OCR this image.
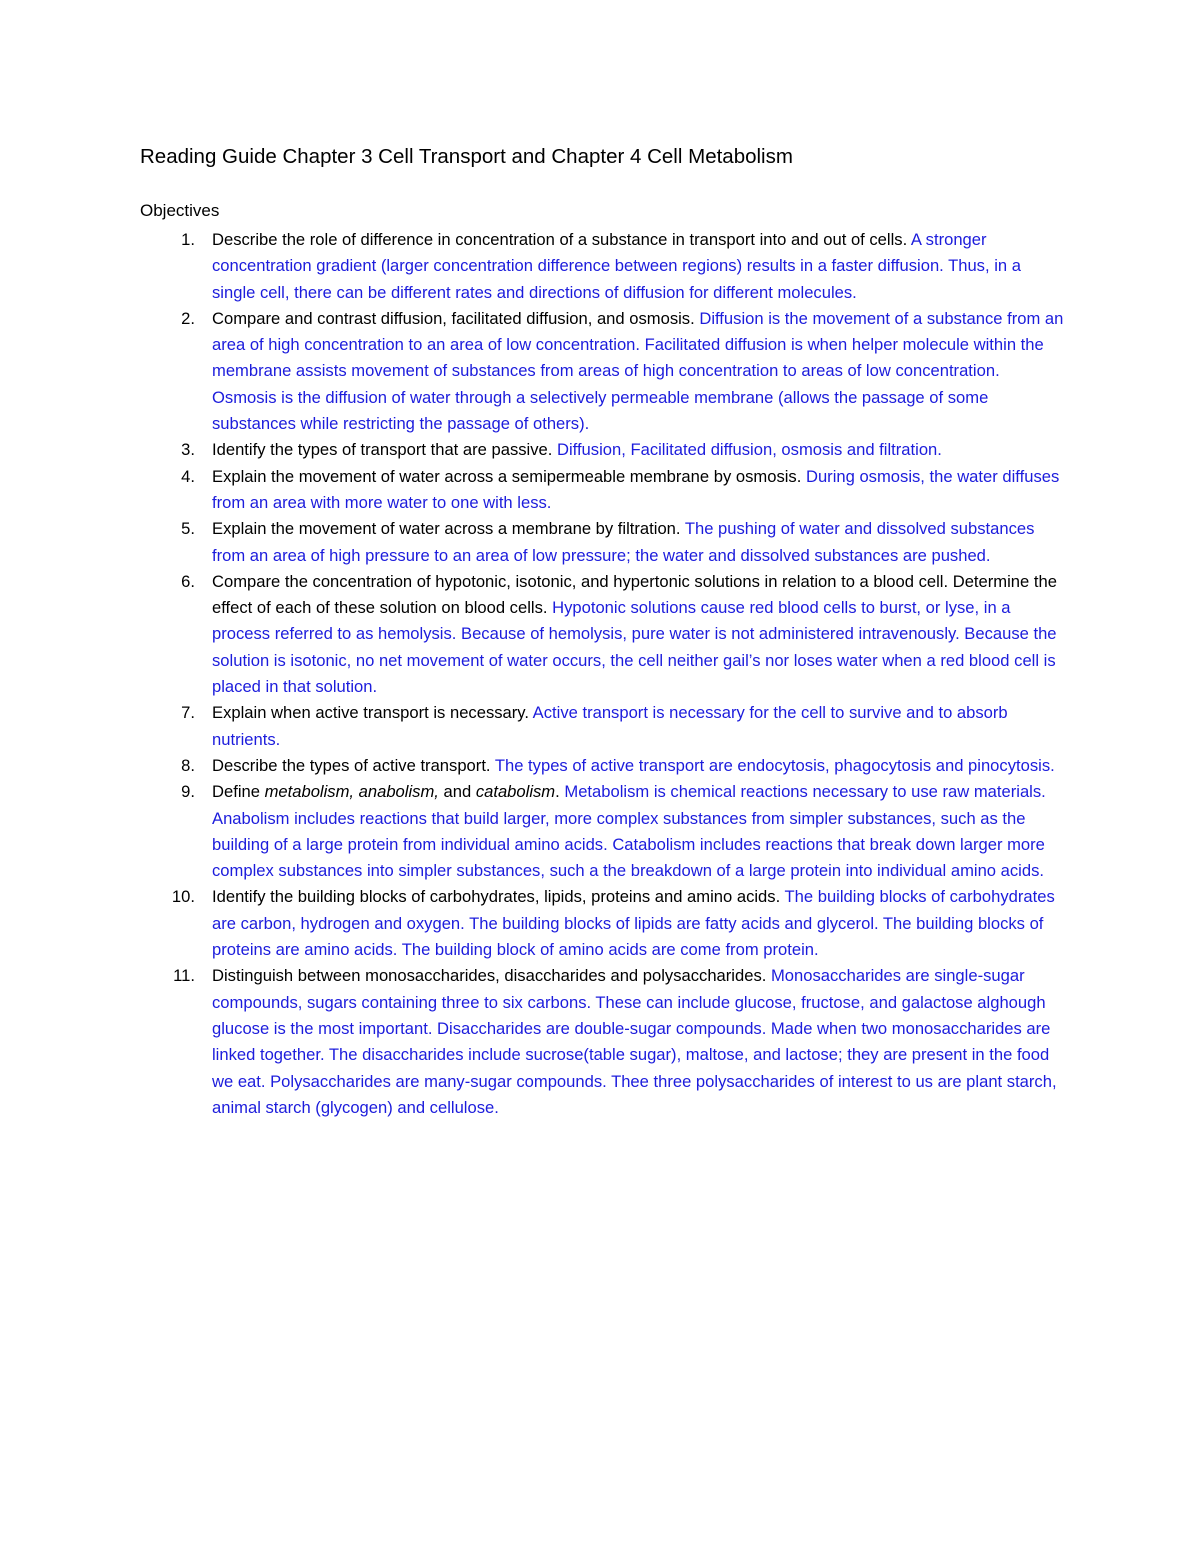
Reading Guide Chapter 3 Cell Transport and Chapter 4 Cell Metabolism
Objectives
1. Describe the role of difference in concentration of a substance in transport into and out of cells. A stronger concentration gradient (larger concentration difference between regions) results in a faster diffusion. Thus, in a single cell, there can be different rates and directions of diffusion for different molecules.
2. Compare and contrast diffusion, facilitated diffusion, and osmosis. Diffusion is the movement of a substance from an area of high concentration to an area of low concentration. Facilitated diffusion is when helper molecule within the membrane assists movement of substances from areas of high concentration to areas of low concentration. Osmosis is the diffusion of water through a selectively permeable membrane (allows the passage of some substances while restricting the passage of others).
3. Identify the types of transport that are passive. Diffusion, Facilitated diffusion, osmosis and filtration.
4. Explain the movement of water across a semipermeable membrane by osmosis. During osmosis, the water diffuses from an area with more water to one with less.
5. Explain the movement of water across a membrane by filtration. The pushing of water and dissolved substances from an area of high pressure to an area of low pressure; the water and dissolved substances are pushed.
6. Compare the concentration of hypotonic, isotonic, and hypertonic solutions in relation to a blood cell. Determine the effect of each of these solution on blood cells. Hypotonic solutions cause red blood cells to burst, or lyse, in a process referred to as hemolysis. Because of hemolysis, pure water is not administered intravenously. Because the solution is isotonic, no net movement of water occurs, the cell neither gail’s nor loses water when a red blood cell is placed in that solution.
7. Explain when active transport is necessary. Active transport is necessary for the cell to survive and to absorb nutrients.
8. Describe the types of active transport. The types of active transport are endocytosis, phagocytosis and pinocytosis.
9. Define metabolism, anabolism, and catabolism. Metabolism is chemical reactions necessary to use raw materials. Anabolism includes reactions that build larger, more complex substances from simpler substances, such as the building of a large protein from individual amino acids. Catabolism includes reactions that break down larger more complex substances into simpler substances, such a the breakdown of a large protein into individual amino acids.
10. Identify the building blocks of carbohydrates, lipids, proteins and amino acids. The building blocks of carbohydrates are carbon, hydrogen and oxygen. The building blocks of lipids are fatty acids and glycerol. The building blocks of proteins are amino acids. The building block of amino acids are come from protein.
11. Distinguish between monosaccharides, disaccharides and polysaccharides. Monosaccharides are single-sugar compounds, sugars containing three to six carbons. These can include glucose, fructose, and galactose alghough glucose is the most important. Disaccharides are double-sugar compounds. Made when two monosaccharides are linked together. The disaccharides include sucrose(table sugar), maltose, and lactose; they are present in the food we eat. Polysaccharides are many-sugar compounds. Thee three polysaccharides of interest to us are plant starch, animal starch (glycogen) and cellulose.
